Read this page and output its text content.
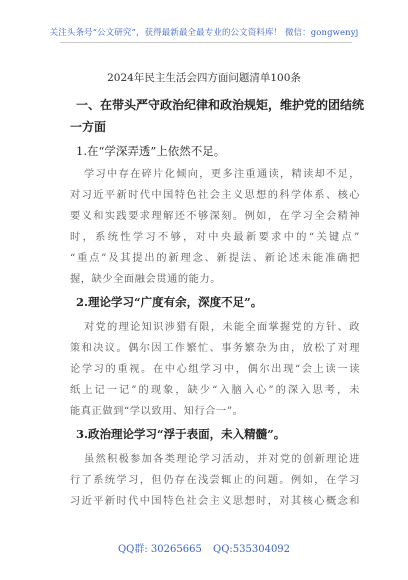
关注头条号“公文研究”，获得最新最全最专业的公文资料库！ 微信：gongwenyj
2024年民主生活会四方面问题清单100条
一、在带头严守政治纪律和政治规矩，维护党的团结统
一方面
1.在“学深弄透”上依然不足。
学习中存在碎片化倾向，更多注重通读，精读却不足，
对习近平新时代中国特色社会主义思想的科学体系、核心
要义和实践要求理解还不够深刻。例如，在学习全会精神
时，系统性学习不够，对中央最新要求中的“关键点”
“重点”及其提出的新理念、新提法、新论述未能准确把
握，缺少全面融会贯通的能力。
2.理论学习“广度有余，深度不足”。
对党的理论知识涉猎有限，未能全面掌握党的方针、政
策和决议。偶尔因工作繁忙、事务繁杂为由，放松了对理
论学习的重视。在中心组学习中，偶尔出现“会上读一读
纸上记一记”的现象，缺少“入脑入心”的深入思考，未
能真正做到“学以致用、知行合一”。
3.政治理论学习“浮于表面，未入精髓”。
虽然积极参加各类理论学习活动，并对党的创新理论进
行了系统学习，但仍存在浅尝辄止的问题。例如，在学习
习近平新时代中国特色社会主义思想时，对其核心概念和
QQ群: 30265665 QQ:535304092
